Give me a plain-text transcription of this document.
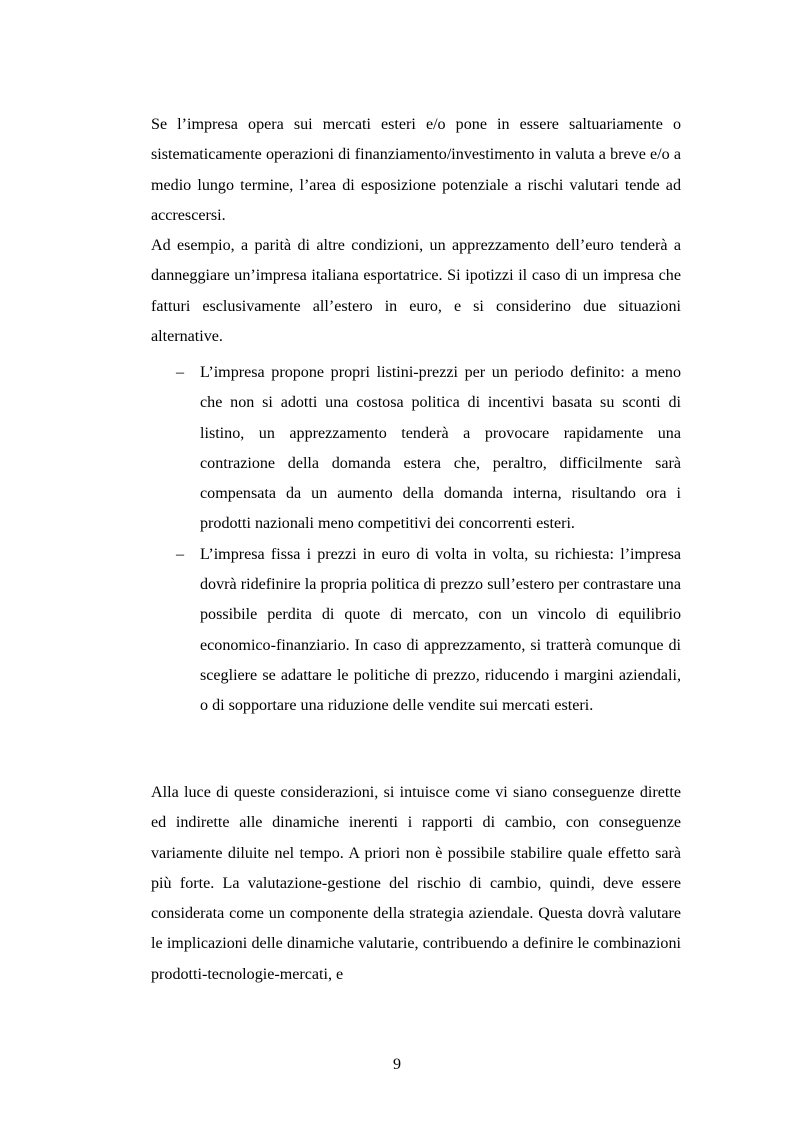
Se l’impresa opera sui mercati esteri e/o pone in essere saltuariamente o sistematicamente operazioni di finanziamento/investimento in valuta a breve e/o a medio lungo termine, l’area di esposizione potenziale a rischi valutari tende ad accrescersi.

Ad esempio, a parità di altre condizioni, un apprezzamento dell’euro tenderà a danneggiare un’impresa italiana esportatrice. Si ipotizzi il caso di un impresa che fatturi esclusivamente all’estero in euro, e si considerino due situazioni alternative.

– L’impresa propone propri listini-prezzi per un periodo definito: a meno che non si adotti una costosa politica di incentivi basata su sconti di listino, un apprezzamento tenderà a provocare rapidamente una contrazione della domanda estera che, peraltro, difficilmente sarà compensata da un aumento della domanda interna, risultando ora i prodotti nazionali meno competitivi dei concorrenti esteri.
– L’impresa fissa i prezzi in euro di volta in volta, su richiesta: l’impresa dovrà ridefinire la propria politica di prezzo sull’estero per contrastare una possibile perdita di quote di mercato, con un vincolo di equilibrio economico-finanziario. In caso di apprezzamento, si tratterà comunque di scegliere se adattare le politiche di prezzo, riducendo i margini aziendali, o di sopportare una riduzione delle vendite sui mercati esteri.

Alla luce di queste considerazioni, si intuisce come vi siano conseguenze dirette ed indirette alle dinamiche inerenti i rapporti di cambio, con conseguenze variamente diluite nel tempo. A priori non è possibile stabilire quale effetto sarà più forte. La valutazione-gestione del rischio di cambio, quindi, deve essere considerata come un componente della strategia aziendale. Questa dovrà valutare le implicazioni delle dinamiche valutarie, contribuendo a definire le combinazioni prodotti-tecnologie-mercati, e

9
